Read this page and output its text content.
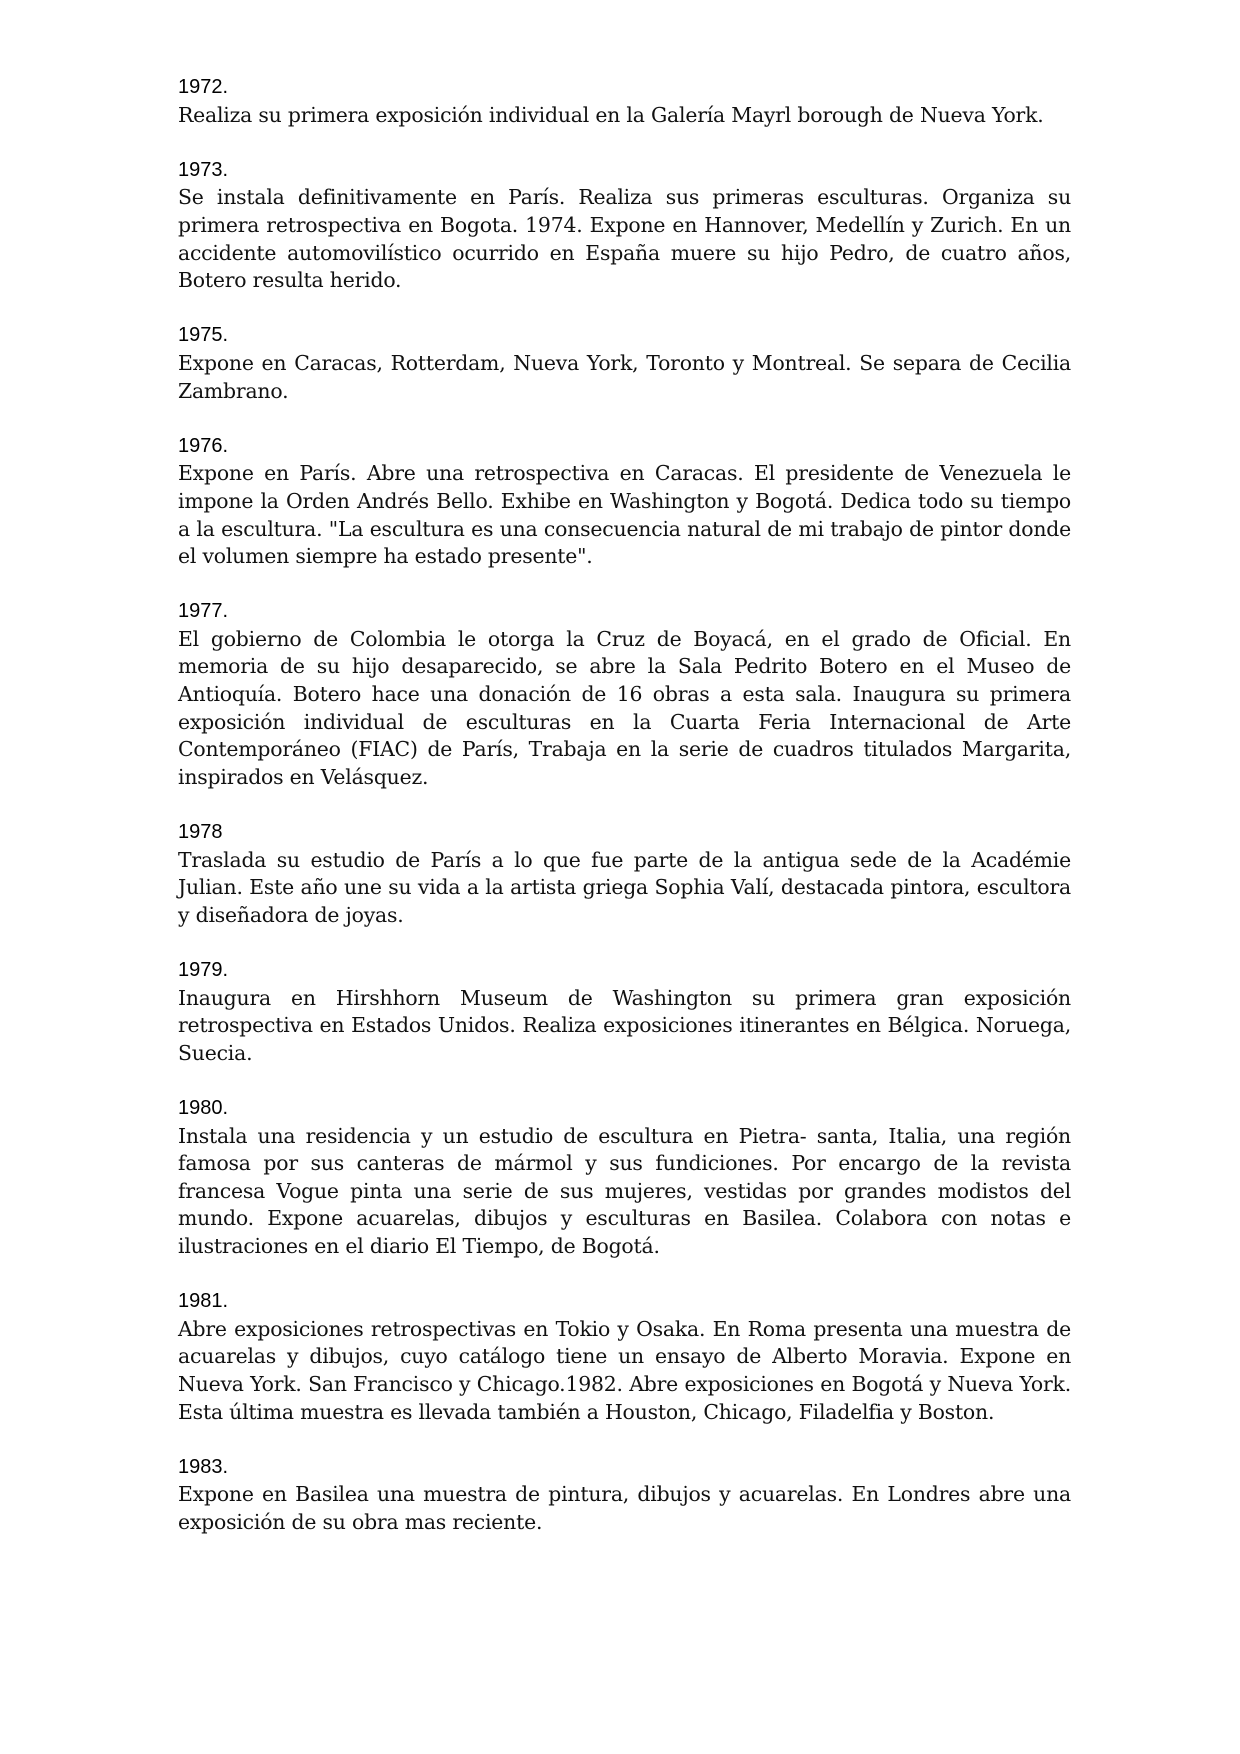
1972.
Realiza su primera exposición individual en la Galería Mayrl borough de Nueva York.
1973.
Se instala definitivamente en París. Realiza sus primeras esculturas. Organiza su primera retrospectiva en Bogota. 1974. Expone en Hannover, Medellín y Zurich. En un accidente automovilístico ocurrido en España muere su hijo Pedro, de cuatro años, Botero resulta herido.
1975.
Expone en Caracas, Rotterdam, Nueva York, Toronto y Montreal. Se separa de Cecilia Zambrano.
1976.
Expone en París. Abre una retrospectiva en Caracas. El presidente de Venezuela le impone la Orden Andrés Bello. Exhibe en Washington y Bogotá. Dedica todo su tiempo a la escultura. "La escultura es una consecuencia natural de mi trabajo de pintor donde el volumen siempre ha estado presente".
1977.
El gobierno de Colombia le otorga la Cruz de Boyacá, en el grado de Oficial. En memoria de su hijo desaparecido, se abre la Sala Pedrito Botero en el Museo de Antioquía. Botero hace una donación de 16 obras a esta sala. Inaugura su primera exposición individual de esculturas en la Cuarta Feria Internacional de Arte Contemporáneo (FIAC) de París, Trabaja en la serie de cuadros titulados Margarita, inspirados en Velásquez.
1978
Traslada su estudio de París a lo que fue parte de la antigua sede de la Académie Julian. Este año une su vida a la artista griega Sophia Valí, destacada pintora, escultora y diseñadora de joyas.
1979.
Inaugura en Hirshhorn Museum de Washington su primera gran exposición retrospectiva en Estados Unidos. Realiza exposiciones itinerantes en Bélgica. Noruega, Suecia.
1980.
Instala una residencia y un estudio de escultura en Pietra- santa, Italia, una región famosa por sus canteras de mármol y sus fundiciones. Por encargo de la revista francesa Vogue pinta una serie de sus mujeres, vestidas por grandes modistos del mundo. Expone acuarelas, dibujos y esculturas en Basilea. Colabora con notas e ilustraciones en el diario El Tiempo, de Bogotá.
1981.
Abre exposiciones retrospectivas en Tokio y Osaka. En Roma presenta una muestra de acuarelas y dibujos, cuyo catálogo tiene un ensayo de Alberto Moravia. Expone en Nueva York. San Francisco y Chicago.1982. Abre exposiciones en Bogotá y Nueva York. Esta última muestra es llevada también a Houston, Chicago, Filadelfia y Boston.
1983.
Expone en Basilea una muestra de pintura, dibujos y acuarelas. En Londres abre una exposición de su obra mas reciente.
